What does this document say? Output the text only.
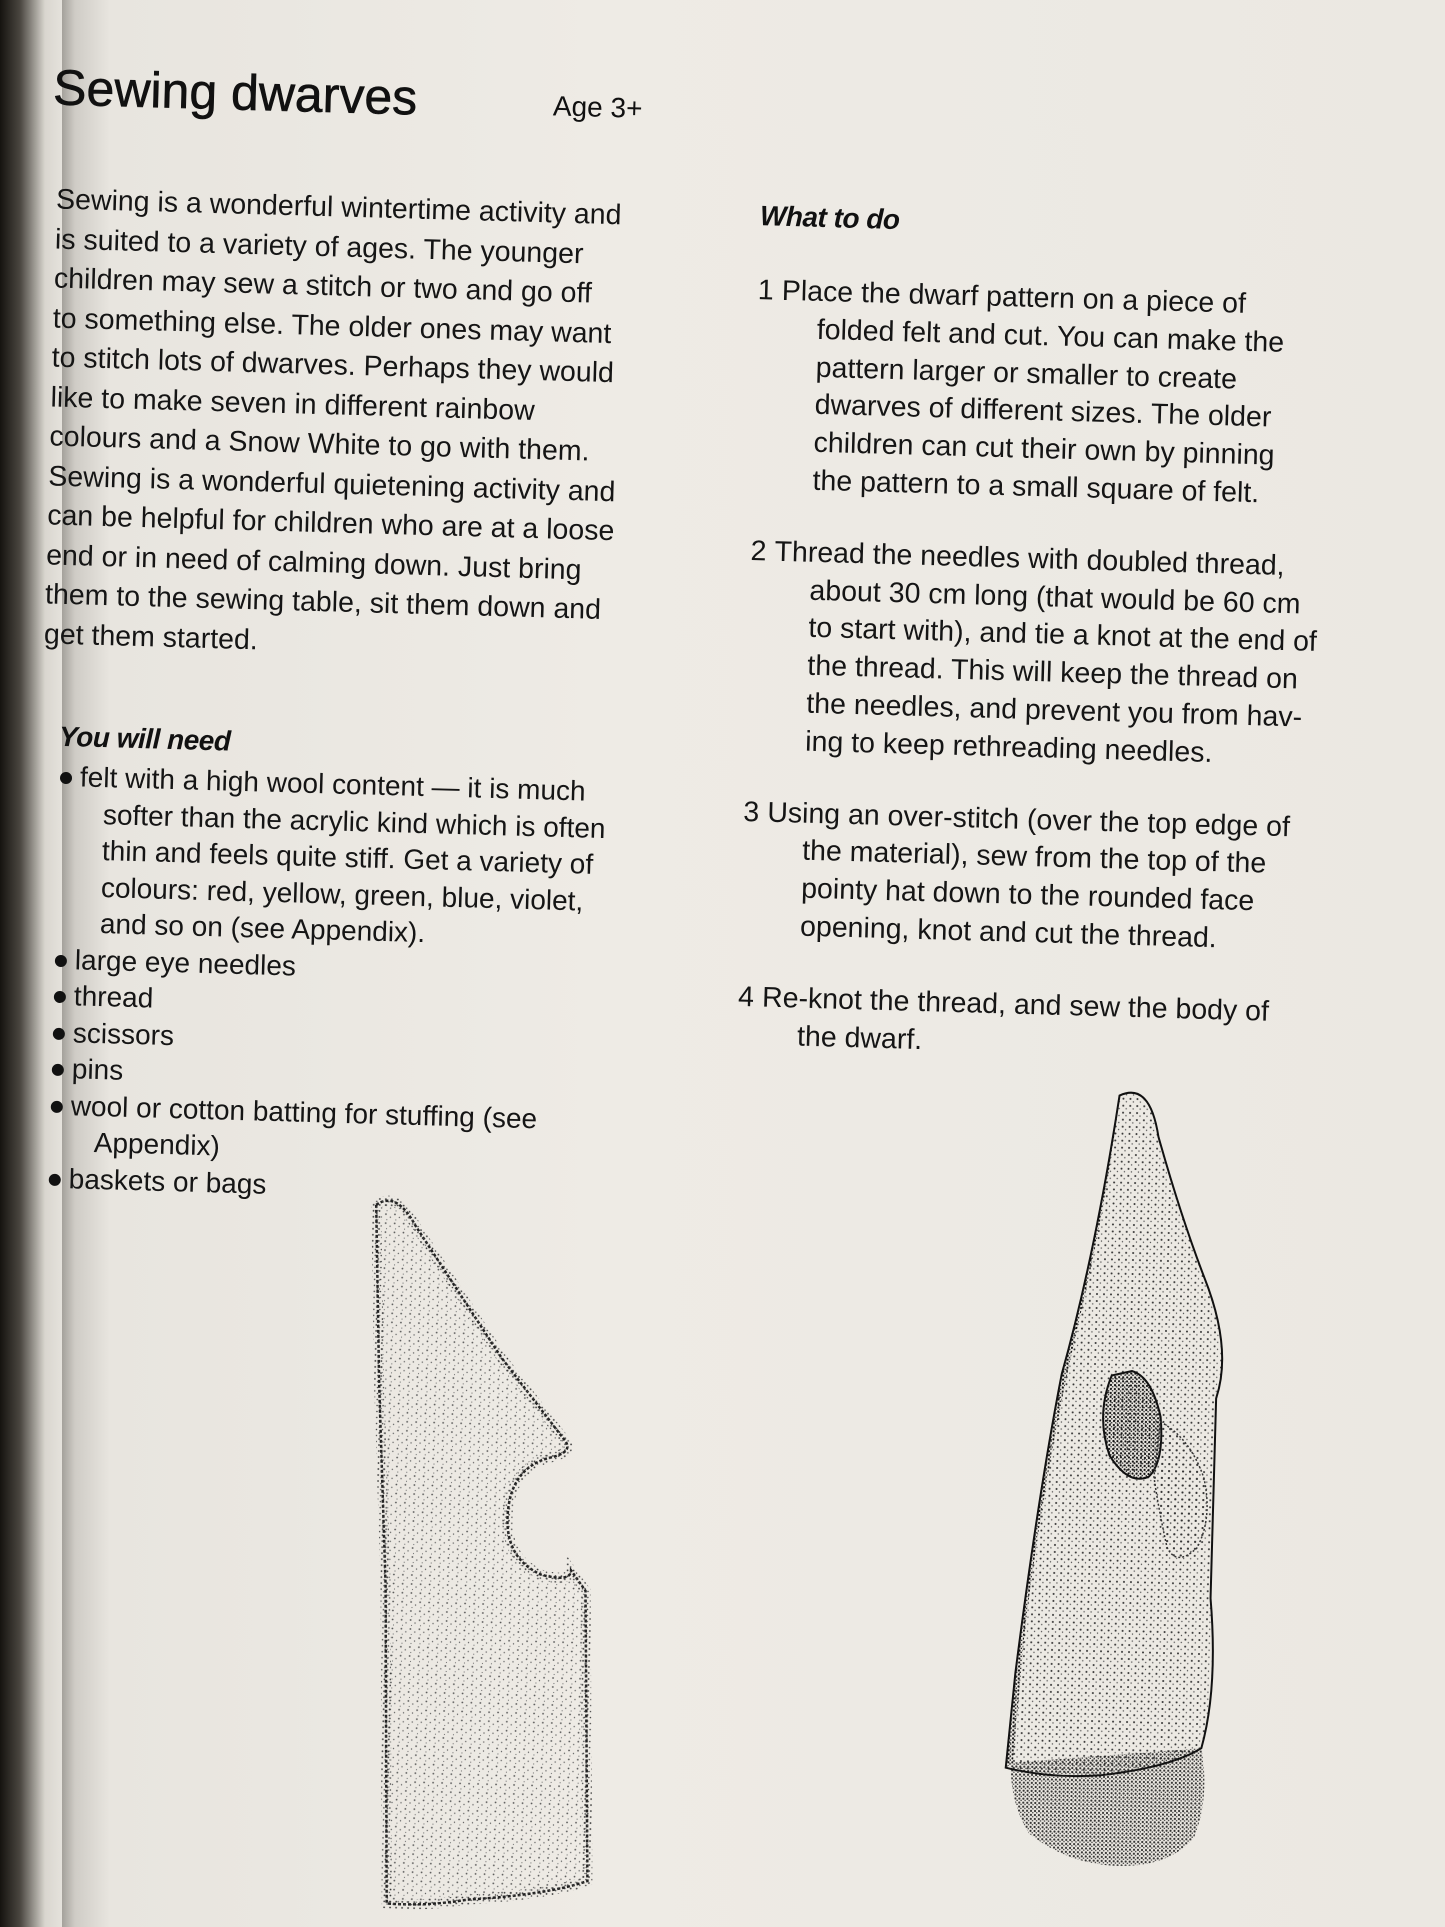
Sewing dwarves	Age 3+
Sewing is a wonderful wintertime activity and
is suited to a variety of ages. The younger
children may sew a stitch or two and go off
to something else. The older ones may want
to stitch lots of dwarves. Perhaps they would
like to make seven in different rainbow
colours and a Snow White to go with them.
Sewing is a wonderful quietening activity and
can be helpful for children who are at a loose
end or in need of calming down. Just bring
them to the sewing table, sit them down and
get them started.
You will need
felt with a high wool content — it is much
softer than the acrylic kind which is often
thin and feels quite stiff. Get a variety of
colours: red, yellow, green, blue, violet,
and so on (see Appendix).
large eye needles
thread
scissors
pins
wool or cotton batting for stuffing (see
Appendix)
baskets or bags
What to do
1 Place the dwarf pattern on a piece of
folded felt and cut. You can make the
pattern larger or smaller to create
dwarves of different sizes. The older
children can cut their own by pinning
the pattern to a small square of felt.
2 Thread the needles with doubled thread,
about 30 cm long (that would be 60 cm
to start with), and tie a knot at the end of
the thread. This will keep the thread on
the needles, and prevent you from hav-
ing to keep rethreading needles.
3 Using an over-stitch (over the top edge of
the material), sew from the top of the
pointy hat down to the rounded face
opening, knot and cut the thread.
4 Re-knot the thread, and sew the body of
the dwarf.
